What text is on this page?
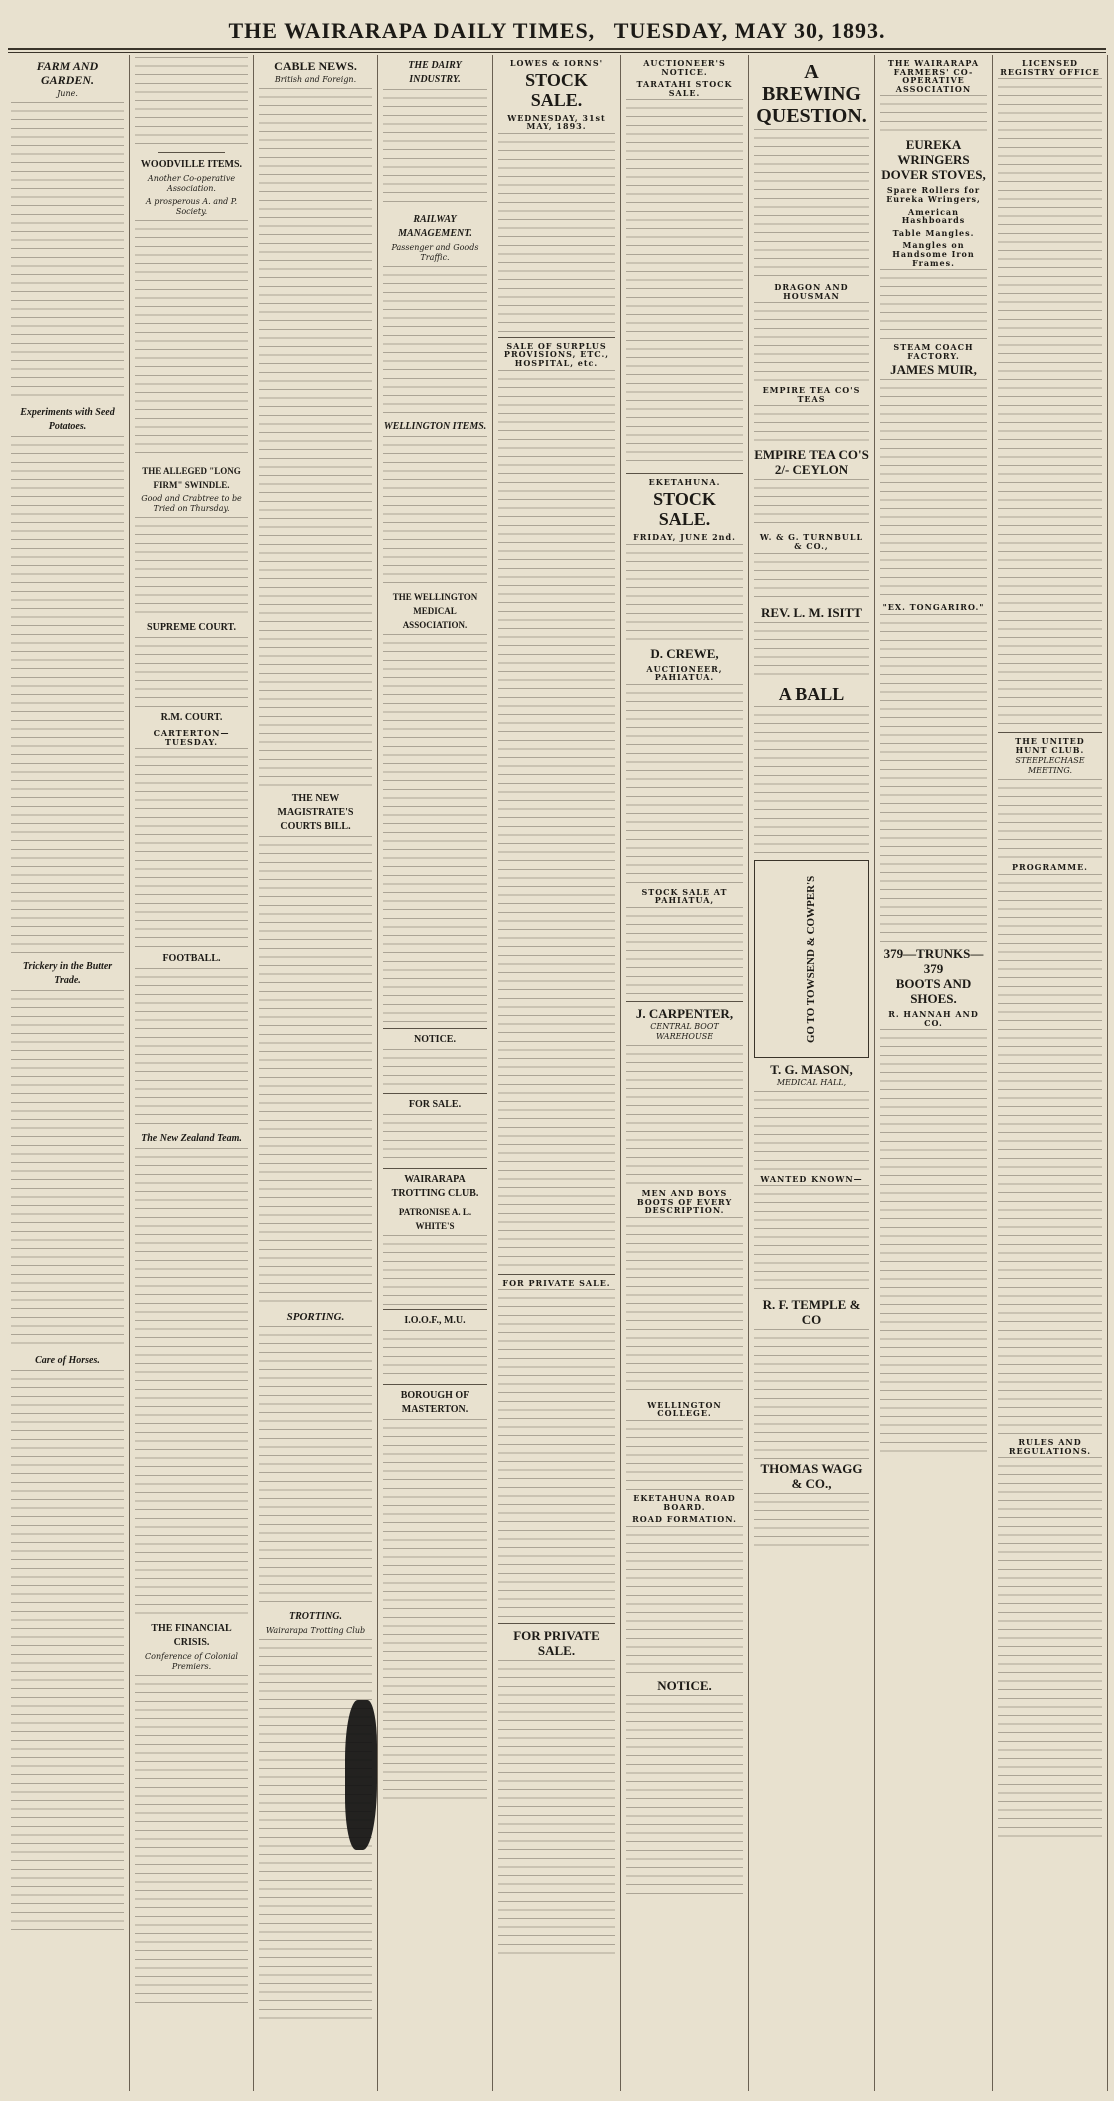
THE WAIRARAPA DAILY TIMES, TUESDAY, MAY 30, 1893.
FARM AND GARDEN.
June.
Experiments with Seed Potatoes.
Trickery in the Butter Trade.
Care of Horses.
WOODVILLE ITEMS.
Another Co-operative Association.
A prosperous A. and P. Society.
THE ALLEGED "LONG FIRM" SWINDLE.
Good and Crabtree to be Tried on Thursday.
SUPREME COURT.
R.M. COURT.
CARTERTON—TUESDAY.
FOOTBALL.
The New Zealand Team.
THE FINANCIAL CRISIS.
Conference of Colonial Premiers.
CABLE NEWS.
British and Foreign.
THE NEW MAGISTRATE'S COURTS BILL.
SPORTING.
TROTTING.
Wairarapa Trotting Club
THE DAIRY INDUSTRY.
RAILWAY MANAGEMENT.
Passenger and Goods Traffic.
WELLINGTON ITEMS.
THE WELLINGTON MEDICAL ASSOCIATION.
NOTICE.
FOR SALE.
WAIRARAPA TROTTING CLUB.
PATRONISE A. L. WHITE'S
I.O.O.F., M.U.
BOROUGH OF MASTERTON.
LOWES & IORNS'
STOCK SALE.
WEDNESDAY, 31st MAY, 1893.
SALE OF SURPLUS PROVISIONS, ETC., HOSPITAL, etc.
FOR PRIVATE SALE.
FOR PRIVATE SALE.
AUCTIONEER'S NOTICE.
TARATAHI STOCK SALE.
EKETAHUNA.
STOCK SALE.
FRIDAY, JUNE 2nd.
D. CREWE,
AUCTIONEER, PAHIATUA.
STOCK SALE AT PAHIATUA,
J. CARPENTER,
CENTRAL BOOT WAREHOUSE
MEN AND BOYS BOOTS OF EVERY DESCRIPTION.
WELLINGTON COLLEGE.
EKETAHUNA ROAD BOARD.
ROAD FORMATION.
NOTICE.
A BREWING QUESTION.
DRAGON AND HOUSMAN
EMPIRE TEA CO'S TEAS
EMPIRE TEA CO'S
2/- CEYLON
W. & G. TURNBULL & CO.,
REV. L. M. ISITT
A BALL
GO TO TOWSEND & COWPER'S
T. G. MASON,
MEDICAL HALL,
WANTED KNOWN—
R. F. TEMPLE & CO
THOMAS WAGG & CO.,
THE WAIRARAPA FARMERS' CO-OPERATIVE ASSOCIATION
EUREKA WRINGERS
DOVER STOVES,
Spare Rollers for Eureka Wringers,
American Hashboards
Table Mangles.
Mangles on Handsome Iron Frames.
STEAM COACH FACTORY.
JAMES MUIR,
"EX. TONGARIRO."
379—TRUNKS—379
BOOTS AND SHOES.
R. HANNAH AND CO.
LICENSED REGISTRY OFFICE
THE UNITED HUNT CLUB.
STEEPLECHASE MEETING.
PROGRAMME.
RULES AND REGULATIONS.
